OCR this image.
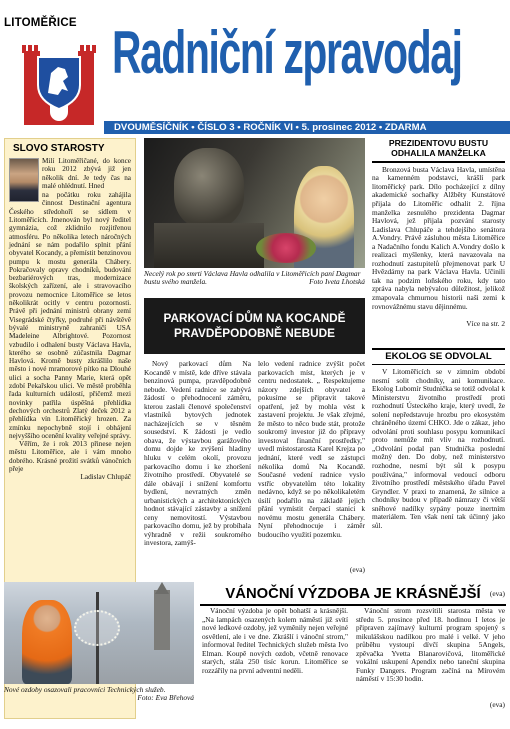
LITOMĚŘICE Radniční zpravodaj
DVOUMĚSÍČNÍK • ČÍSLO 3 • ROČNÍK VI • 5. prosinec 2012 • ZDARMA
SLOVO STAROSTY

Milí Litoměřičané, do konce roku 2012 zbývá již jen několik dní. Je tedy čas na malé ohlédnutí. Hned

na počátku roku zahájila činnost Destinační agentura Českého středohoří se sídlem v Litoměřicích. Jmenován byl nový ředitel gymnázia, což zklidnilo rozjitřenou atmosféru. Po několika letech náročných jednání se nám podařilo splnit přání obyvatel Kocandy, a přemístit benzinovou pumpu k mostu generála Chábery. Pokračovaly opravy chodníků, budování bezbariérových tras, modernizace školských zařízení, ale i stravovacího provozu nemocnice Litoměřice se letos několikrát ocitly v centru pozornosti. Právě při jednání ministrů obrany zemí Visegrádské čtyřky, podruhé při návštěvě bývalé ministryně zahraničí USA Madeleine Albrightové. Pozornost vzbudilo i odhalení busty Václava Havla, kterého se osobně zúčastnila Dagmar Havlová. Kromě busty zkrášlilo naše město i nové mramorové pítko na Dlouhé ulici a socha Panny Marie, která opět zdobí Pekařskou ulici. Ve městě proběhla řada kulturních událostí, přičemž mezi novinky patřila úspěšná přehlídka dechových orchestrů Zlatý deček 2012 a přehlídka vín Litoměřický hrozen. Za zmínku nepochybně stojí i obhájení nejvyššího ocenění kvality veřejné správy.

Věřím, že i rok 2013 přinese nejen městu Litoměřice, ale i vám mnoho dobrého. Krásné prožití svátků vánočních přeje

Ladislav Chlupáč

Necelý rok po smrti Václava Havla odhalila v Litoměřicích paní Dagmar bustu svého manžela.	Foto Iveta Lhotská
PREZIDENTOVU BUSTU ODHALILA MANŽELKA

Bronzová busta Václava Havla, umístěna na kamenném podstavci, krášlí park litoměřický park. Dílo pocházející z dílny akademické sochařky Alžběty Kunstátové přijala do Litoměřic odhalit 2. října manželka zesnulého prezidenta Dagmar Havlová, jež přijala pozvání starosty Ladislava Chlupáče a tehdejšího senátora A.Vondry. Právě zásluhou města Litoměřice a Nadačního fondu Kalich A.Vondry došlo k realizaci myšlenky, která navazovala na rozhodnutí zastupitelů přejmenovat park U Hvězdárny na park Václava Havla. Učinili tak na podzim loňského roku, kdy tato zpráva nabyla nebývalou důležitost, jelikož zmapovala chmurnou historii naši zemi k rovnovážnému stavu dějinnému.

Více na str. 2

PARKOVACÍ DŮM NA KOCANDĚ PRAVDĚPODOBNĚ NEBUDE

Nový parkovací dům Na Kocandě v místě, kde dříve stávala benzinová pumpa, pravděpodobně nebude. Vedení radnice se zabývá žádostí o přehodnocení záměru, kterou zaslali členové společenství vlastníků bytových jednotek nacházejících se v těsném sousedství. K žádosti je vedlo obava, že výstavbou garážového domu dojde ke zvýšení hladiny hluku v celém okolí, provozu parkovacího domu i ke zhoršení životního prostředí. Obyvatelé se dále obávají i snížení komfortu bydlení, nevratných změn urbanistických a architektonických hodnot stávající zástavby a snížení ceny nemovitostí. Výstavbou parkovacího domu, jež by probíhala výhradně v režii soukromého investora, zamýš-

lelo vedení radnice zvýšit počet parkovacích míst, kterých je v centru nedostatek. „ Respektujeme názory zdejších obyvatel a pokusíme se připravit takové opatření, jež by mohla vést k zastavení projektu. Je však zřejmé, že město to něco bude stát, protože soukromý investor již do přípravy investoval finanční prostředky," uvedl místostarosta Karel Krejza po jednání, které vedl se zástupci nékolika domů Na Kocandě. Současné vedení radnice vyslo vstříc obyvatelům této lokality nedávno, když se po několikaletém úsilí podařilo na základě jejich přání vymístit čerpací stanici k novému mostu generála Chábery. Nyní přehodnocuje i záměr budoucího využití pozemku.

(eva)

EKOLOG SE ODVOLAL

V Litoměřicích se v zimním období nesmí solit chodníky, ani komunikace. Ekolog Lubomír Studnička se totiž odvolal k Ministerstvu životního prostředí proti rozhodnutí Ústeckého kraje, který uvedl, že solení nepředstavuje hrozbu pro ekosystém chráněného území CHKO. Jde o zákaz, jeho odvolání proti souhlasu posypu komunikací proto nemůže mít vliv na rozhodnutí. „Odvolání podal pan Studnička poslední možný den. Do doby, než ministerstvo rozhodne, nesmí být sůl k posypu používána," informoval vedoucí odboru životního prostředí městského úřadu Pavel Gryndler. V praxi to znamená, že silnice a chodníky budou v případě námrazy či větší sněhové nadílky sypány pouze inertním materiálem. Ten však není tak účinný jako sůl.

(eva)

Nové ozdoby osazovali pracovníci Technických služeb.
Foto: Eva Břehová
VÁNOČNÍ VÝZDOBA JE KRÁSNĚJŠÍ

Vánoční výzdoba je opět bohatší a krásnější. „Na lampách osazených kolem náměstí již svítí nové ledkové ozdoby, jež vyměnily nejen veřejné osvětlení, ale i ve dne. Zkrášlí i vánoční strom," informoval ředitel Technických služeb města Ivo Elman. Koupě nových ozdob, včetně renovace starých, stála 250 tisíc korun. Litoměřice se rozzářily na první adventní neděli.

Vánoční strom rozsvítili starosta města ve středu 5. prosince před 18. hodinou I letos je připraven zajímavý kulturní program spojený s mikulášskou nadílkou pro malé i velké. V jeho průběhu vystoupí dívčí skupina 5Angels, zpěvačka Yvetta Blanarovičová, litoměřické vokální uskupení Apendix nebo taneční skupina Funky Dangers. Program začíná na Mírovém náměstí v 15:30 hodin.

(eva)
